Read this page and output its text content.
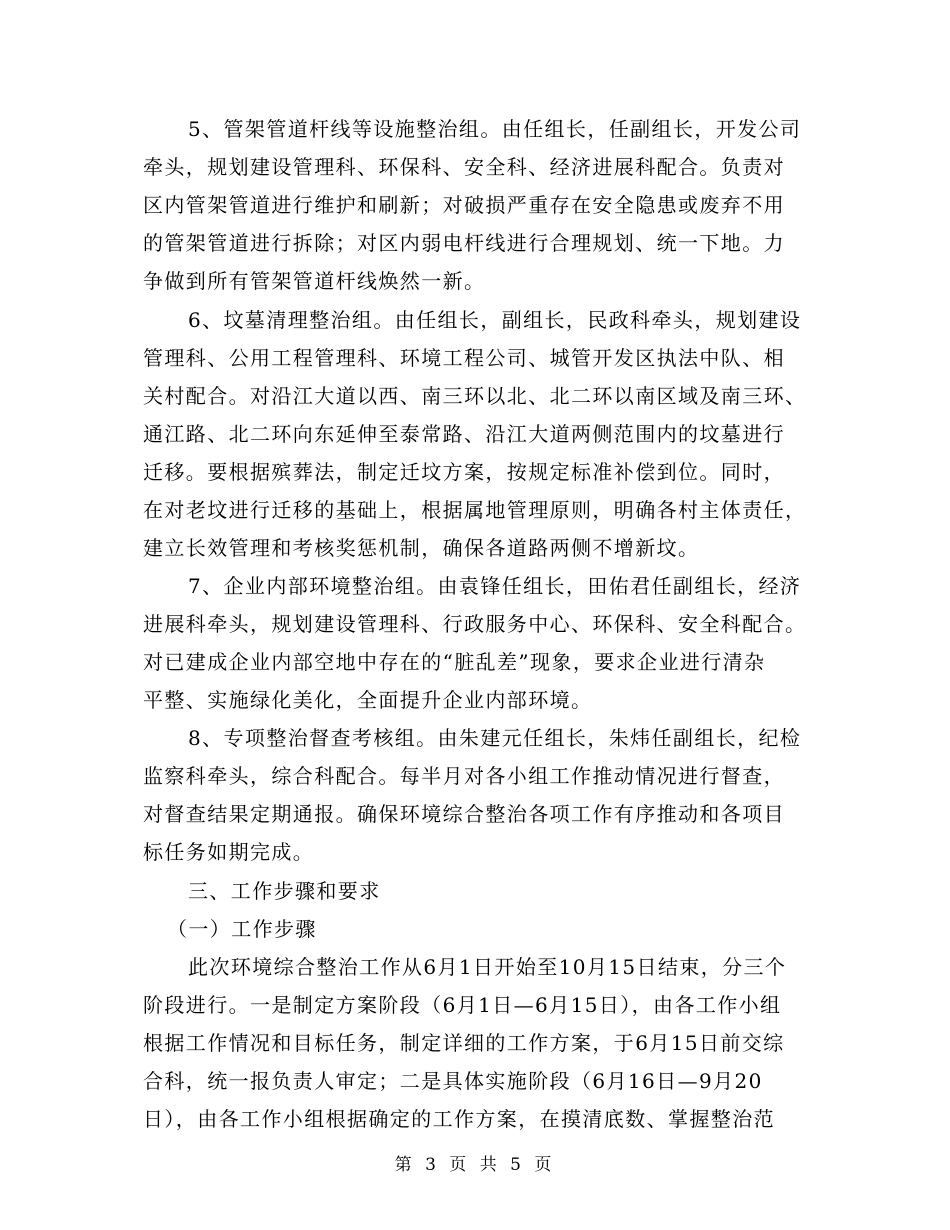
5、管架管道杆线等设施整治组。由任组长，任副组长，开发公司
牵头，规划建设管理科、环保科、安全科、经济进展科配合。负责对
区内管架管道进行维护和刷新；对破损严重存在安全隐患或废弃不用
的管架管道进行拆除；对区内弱电杆线进行合理规划、统一下地。力
争做到所有管架管道杆线焕然一新。
6、坟墓清理整治组。由任组长，副组长，民政科牵头，规划建设
管理科、公用工程管理科、环境工程公司、城管开发区执法中队、相
关村配合。对沿江大道以西、南三环以北、北二环以南区域及南三环、
通江路、北二环向东延伸至泰常路、沿江大道两侧范围内的坟墓进行
迁移。要根据殡葬法，制定迁坟方案，按规定标准补偿到位。同时，
在对老坟进行迁移的基础上，根据属地管理原则，明确各村主体责任，
建立长效管理和考核奖惩机制，确保各道路两侧不增新坟。
7、企业内部环境整治组。由袁锋任组长，田佑君任副组长，经济
进展科牵头，规划建设管理科、行政服务中心、环保科、安全科配合。
对已建成企业内部空地中存在的“脏乱差”现象，要求企业进行清杂
平整、实施绿化美化，全面提升企业内部环境。
8、专项整治督查考核组。由朱建元任组长，朱炜任副组长，纪检
监察科牵头，综合科配合。每半月对各小组工作推动情况进行督查，
对督查结果定期通报。确保环境综合整治各项工作有序推动和各项目
标任务如期完成。
三、工作步骤和要求
（一）工作步骤
此次环境综合整治工作从6月1日开始至10月15日结束，分三个
阶段进行。一是制定方案阶段（6月1日—6月15日），由各工作小组
根据工作情况和目标任务，制定详细的工作方案，于6月15日前交综
合科，统一报负责人审定；二是具体实施阶段（6月16日—9月20
日），由各工作小组根据确定的工作方案，在摸清底数、掌握整治范
第 3 页 共 5 页
